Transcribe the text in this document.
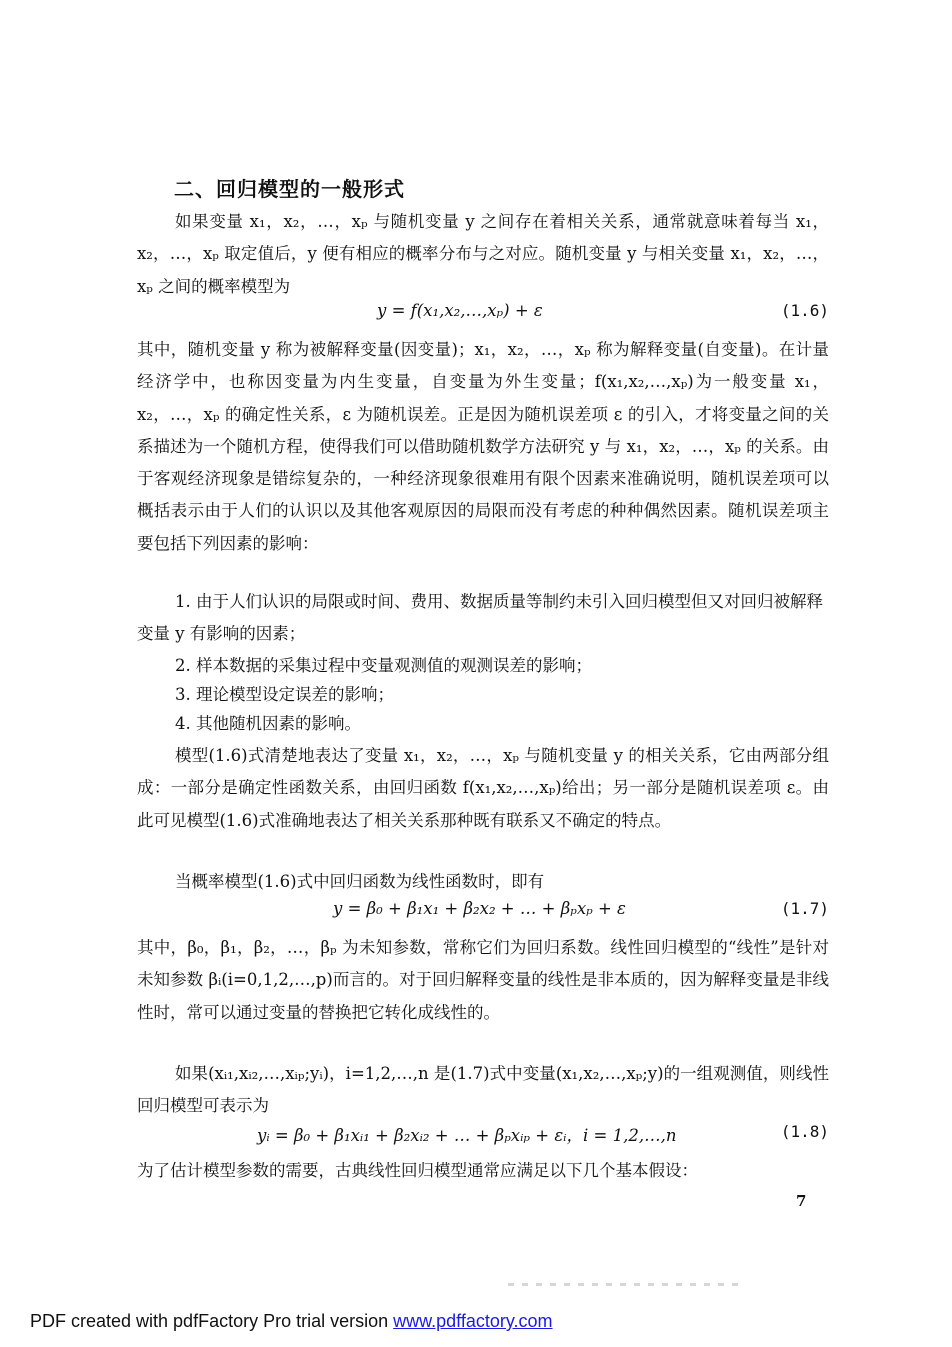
二、回归模型的一般形式

如果变量 x₁，x₂，…，xₚ 与随机变量 y 之间存在着相关关系，通常就意味着每当 x₁，x₂，…，xₚ 取定值后，y 便有相应的概率分布与之对应。随机变量 y 与相关变量 x₁，x₂，…，xₚ 之间的概率模型为

y = f(x₁,x₂,…,xₚ) + ε	(1.6)

其中，随机变量 y 称为被解释变量(因变量)；x₁，x₂，…，xₚ 称为解释变量(自变量)。在计量经济学中，也称因变量为内生变量，自变量为外生变量；f(x₁,x₂,…,xₚ)为一般变量 x₁，x₂，…，xₚ 的确定性关系，ε 为随机误差。正是因为随机误差项 ε 的引入，才将变量之间的关系描述为一个随机方程，使得我们可以借助随机数学方法研究 y 与 x₁，x₂，…，xₚ 的关系。由于客观经济现象是错综复杂的，一种经济现象很难用有限个因素来准确说明，随机误差项可以概括表示由于人们的认识以及其他客观原因的局限而没有考虑的种种偶然因素。随机误差项主要包括下列因素的影响：

1. 由于人们认识的局限或时间、费用、数据质量等制约未引入回归模型但又对回归被解释变量 y 有影响的因素；

2. 样本数据的采集过程中变量观测值的观测误差的影响；

3. 理论模型设定误差的影响；

4. 其他随机因素的影响。

模型(1.6)式清楚地表达了变量 x₁，x₂，…，xₚ 与随机变量 y 的相关关系，它由两部分组成：一部分是确定性函数关系，由回归函数 f(x₁,x₂,…,xₚ)给出；另一部分是随机误差项 ε。由此可见模型(1.6)式准确地表达了相关关系那种既有联系又不确定的特点。

当概率模型(1.6)式中回归函数为线性函数时，即有

y = β₀ + β₁x₁ + β₂x₂ + … + βₚxₚ + ε	(1.7)

其中，β₀，β₁，β₂，…，βₚ 为未知参数，常称它们为回归系数。线性回归模型的“线性”是针对未知参数 βᵢ(i=0,1,2,…,p)而言的。对于回归解释变量的线性是非本质的，因为解释变量是非线性时，常可以通过变量的替换把它转化成线性的。

如果(xᵢ₁,xᵢ₂,…,xᵢₚ;yᵢ)，i=1,2,…,n 是(1.7)式中变量(x₁,x₂,…,xₚ;y)的一组观测值，则线性回归模型可表示为

yᵢ = β₀ + β₁xᵢ₁ + β₂xᵢ₂ + … + βₚxᵢₚ + εᵢ，i = 1,2,…,n	(1.8)

为了估计模型参数的需要，古典线性回归模型通常应满足以下几个基本假设：

7
PDF created with pdfFactory Pro trial version www.pdffactory.com
